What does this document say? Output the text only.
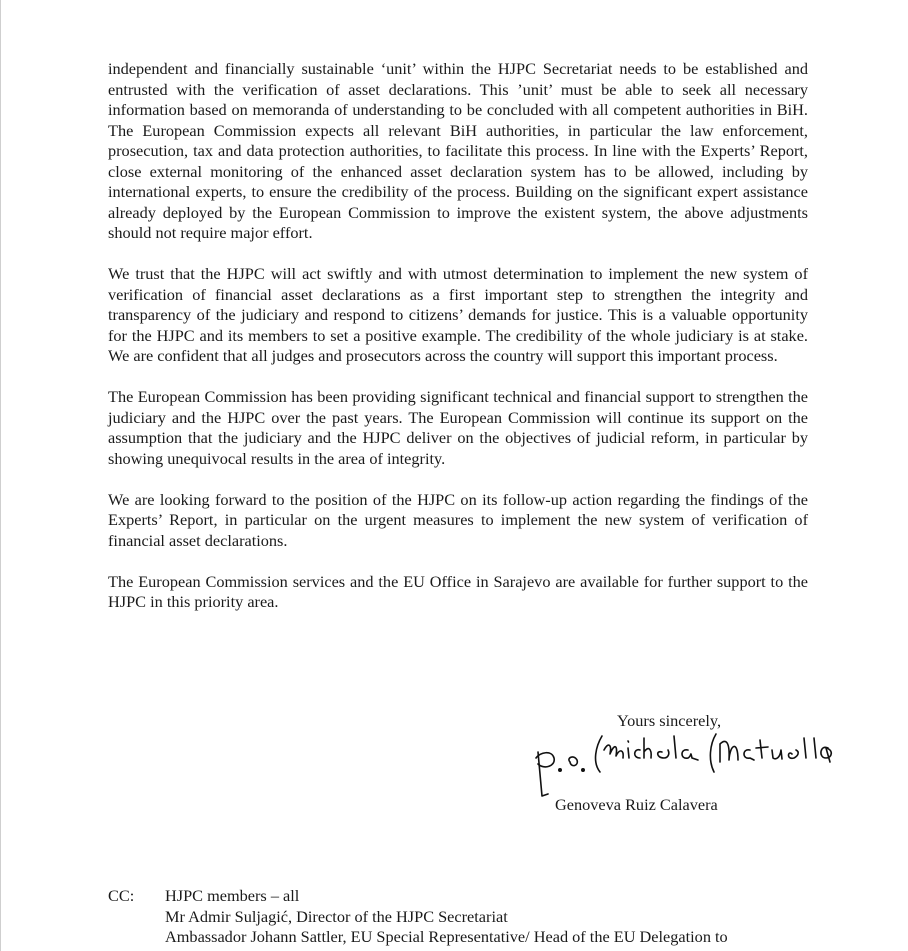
independent and financially sustainable ‘unit’ within the HJPC Secretariat needs to be established and entrusted with the verification of asset declarations. This ’unit’ must be able to seek all necessary information based on memoranda of understanding to be concluded with all competent authorities in BiH. The European Commission expects all relevant BiH authorities, in particular the law enforcement, prosecution, tax and data protection authorities, to facilitate this process. In line with the Experts’ Report, close external monitoring of the enhanced asset declaration system has to be allowed, including by international experts, to ensure the credibility of the process. Building on the significant expert assistance already deployed by the European Commission to improve the existent system, the above adjustments should not require major effort.

We trust that the HJPC will act swiftly and with utmost determination to implement the new system of verification of financial asset declarations as a first important step to strengthen the integrity and transparency of the judiciary and respond to citizens’ demands for justice. This is a valuable opportunity for the HJPC and its members to set a positive example. The credibility of the whole judiciary is at stake. We are confident that all judges and prosecutors across the country will support this important process.

The European Commission has been providing significant technical and financial support to strengthen the judiciary and the HJPC over the past years. The European Commission will continue its support on the assumption that the judiciary and the HJPC deliver on the objectives of judicial reform, in particular by showing unequivocal results in the area of integrity.

We are looking forward to the position of the HJPC on its follow-up action regarding the findings of the Experts’ Report, in particular on the urgent measures to implement the new system of verification of financial asset declarations.

The European Commission services and the EU Office in Sarajevo are available for further support to the HJPC in this priority area.

Yours sincerely,
Genoveva Ruiz Calavera
CC: HJPC members – all
Mr Admir Suljagić, Director of the HJPC Secretariat
Ambassador Johann Sattler, EU Special Representative/ Head of the EU Delegation to
